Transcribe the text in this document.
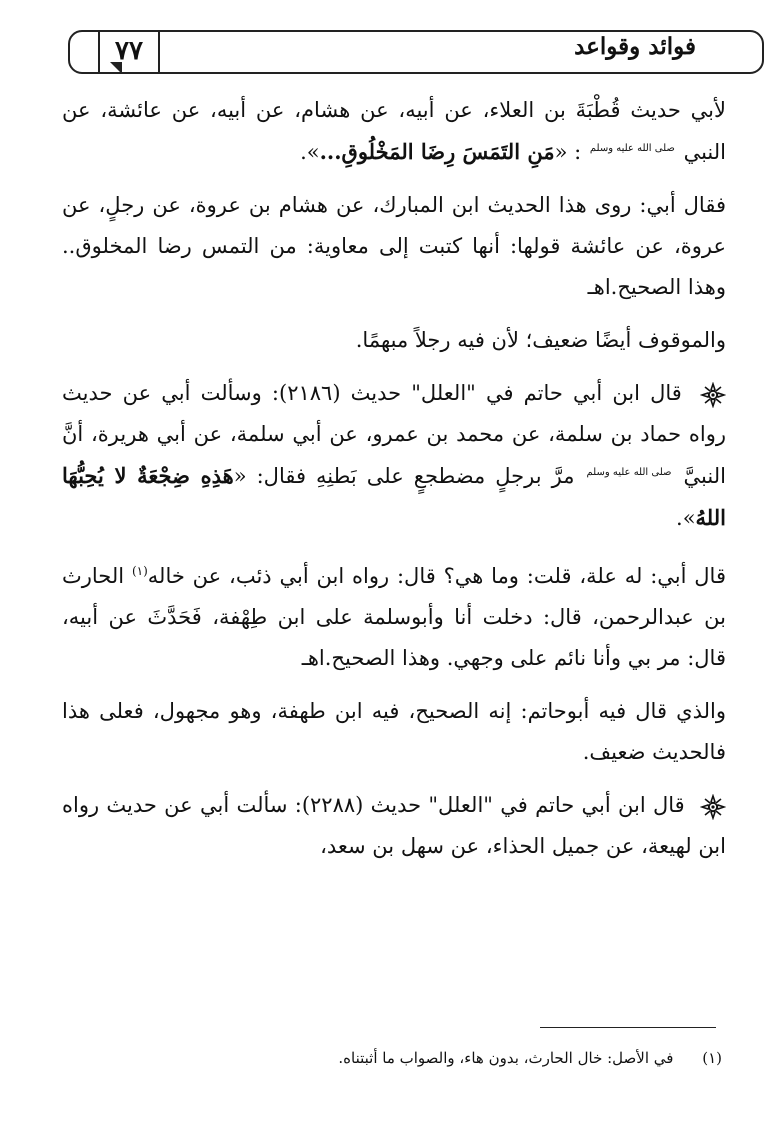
فوائد وقواعد
٧٧

لأبي حديث قُطْبَةَ بن العلاء، عن أبيه، عن هشام، عن أبيه، عن عائشة، عن النبي صلى الله عليه وسلم : «مَنِ التَمَسَ رِضَا المَخْلُوقِ...».

فقال أبي: روى هذا الحديث ابن المبارك، عن هشام بن عروة، عن رجلٍ، عن عروة، عن عائشة قولها: أنها كتبت إلى معاوية: من التمس رضا المخلوق.. وهذا الصحيح.اهـ

والموقوف أيضًا ضعيف؛ لأن فيه رجلاً مبهمًا.

قال ابن أبي حاتم في "العلل" حديث (٢١٨٦): وسألت أبي عن حديث رواه حماد بن سلمة، عن محمد بن عمرو، عن أبي سلمة، عن أبي هريرة، أنَّ النبيَّ صلى الله عليه وسلم مرَّ برجلٍ مضطجعٍ على بَطنِهِ فقال: «هَذِهِ ضِجْعَةٌ لا يُحِبُّهَا اللهُ».

قال أبي: له علة، قلت: وما هي؟ قال: رواه ابن أبي ذئب، عن خاله$^{(١)}$ الحارث بن عبدالرحمن، قال: دخلت أنا وأبوسلمة على ابن طِهْفة، فَحَدَّثَ عن أبيه، قال: مر بي وأنا نائم على وجهي. وهذا الصحيح.اهـ

والذي قال فيه أبوحاتم: إنه الصحيح، فيه ابن طهفة، وهو مجهول، فعلى هذا فالحديث ضعيف.

قال ابن أبي حاتم في "العلل" حديث (٢٢٨٨): سألت أبي عن حديث رواه ابن لهيعة، عن جميل الحذاء، عن سهل بن سعد،

(١) في الأصل: خال الحارث، بدون هاء، والصواب ما أثبتناه.
